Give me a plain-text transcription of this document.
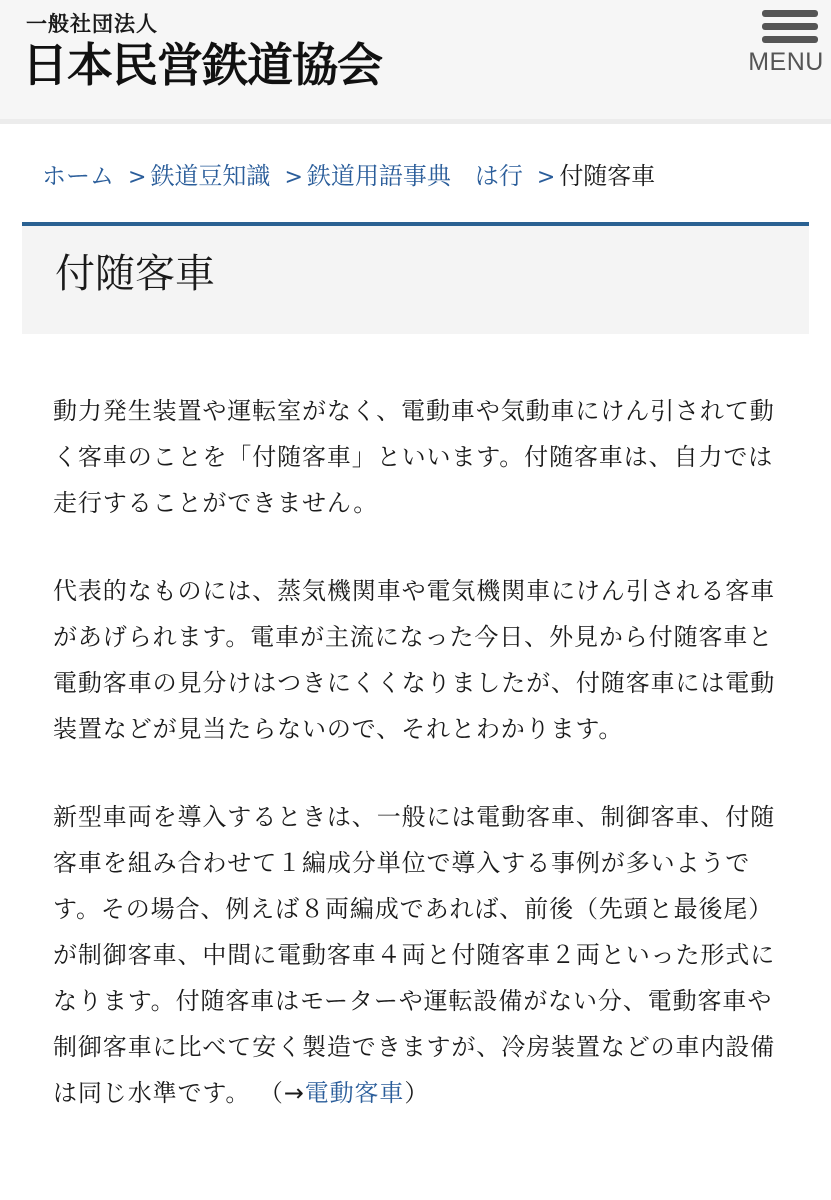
一般社団法人
日本民営鉄道協会	MENU
ホーム > 鉄道豆知識 > 鉄道用語事典 は行 > 付随客車
付随客車

動力発生装置や運転室がなく、電動車や気動車にけん引されて動く客車のことを「付随客車」といいます。付随客車は、自力では走行することができません。

代表的なものには、蒸気機関車や電気機関車にけん引される客車があげられます。電車が主流になった今日、外見から付随客車と電動客車の見分けはつきにくくなりましたが、付随客車には電動装置などが見当たらないので、それとわかります。

新型車両を導入するときは、一般には電動客車、制御客車、付随客車を組み合わせて１編成分単位で導入する事例が多いようです。その場合、例えば８両編成であれば、前後（先頭と最後尾）が制御客車、中間に電動客車４両と付随客車２両といった形式になります。付随客車はモーターや運転設備がない分、電動客車や制御客車に比べて安く製造できますが、冷房装置などの車内設備は同じ水準です。 （→電動客車）
